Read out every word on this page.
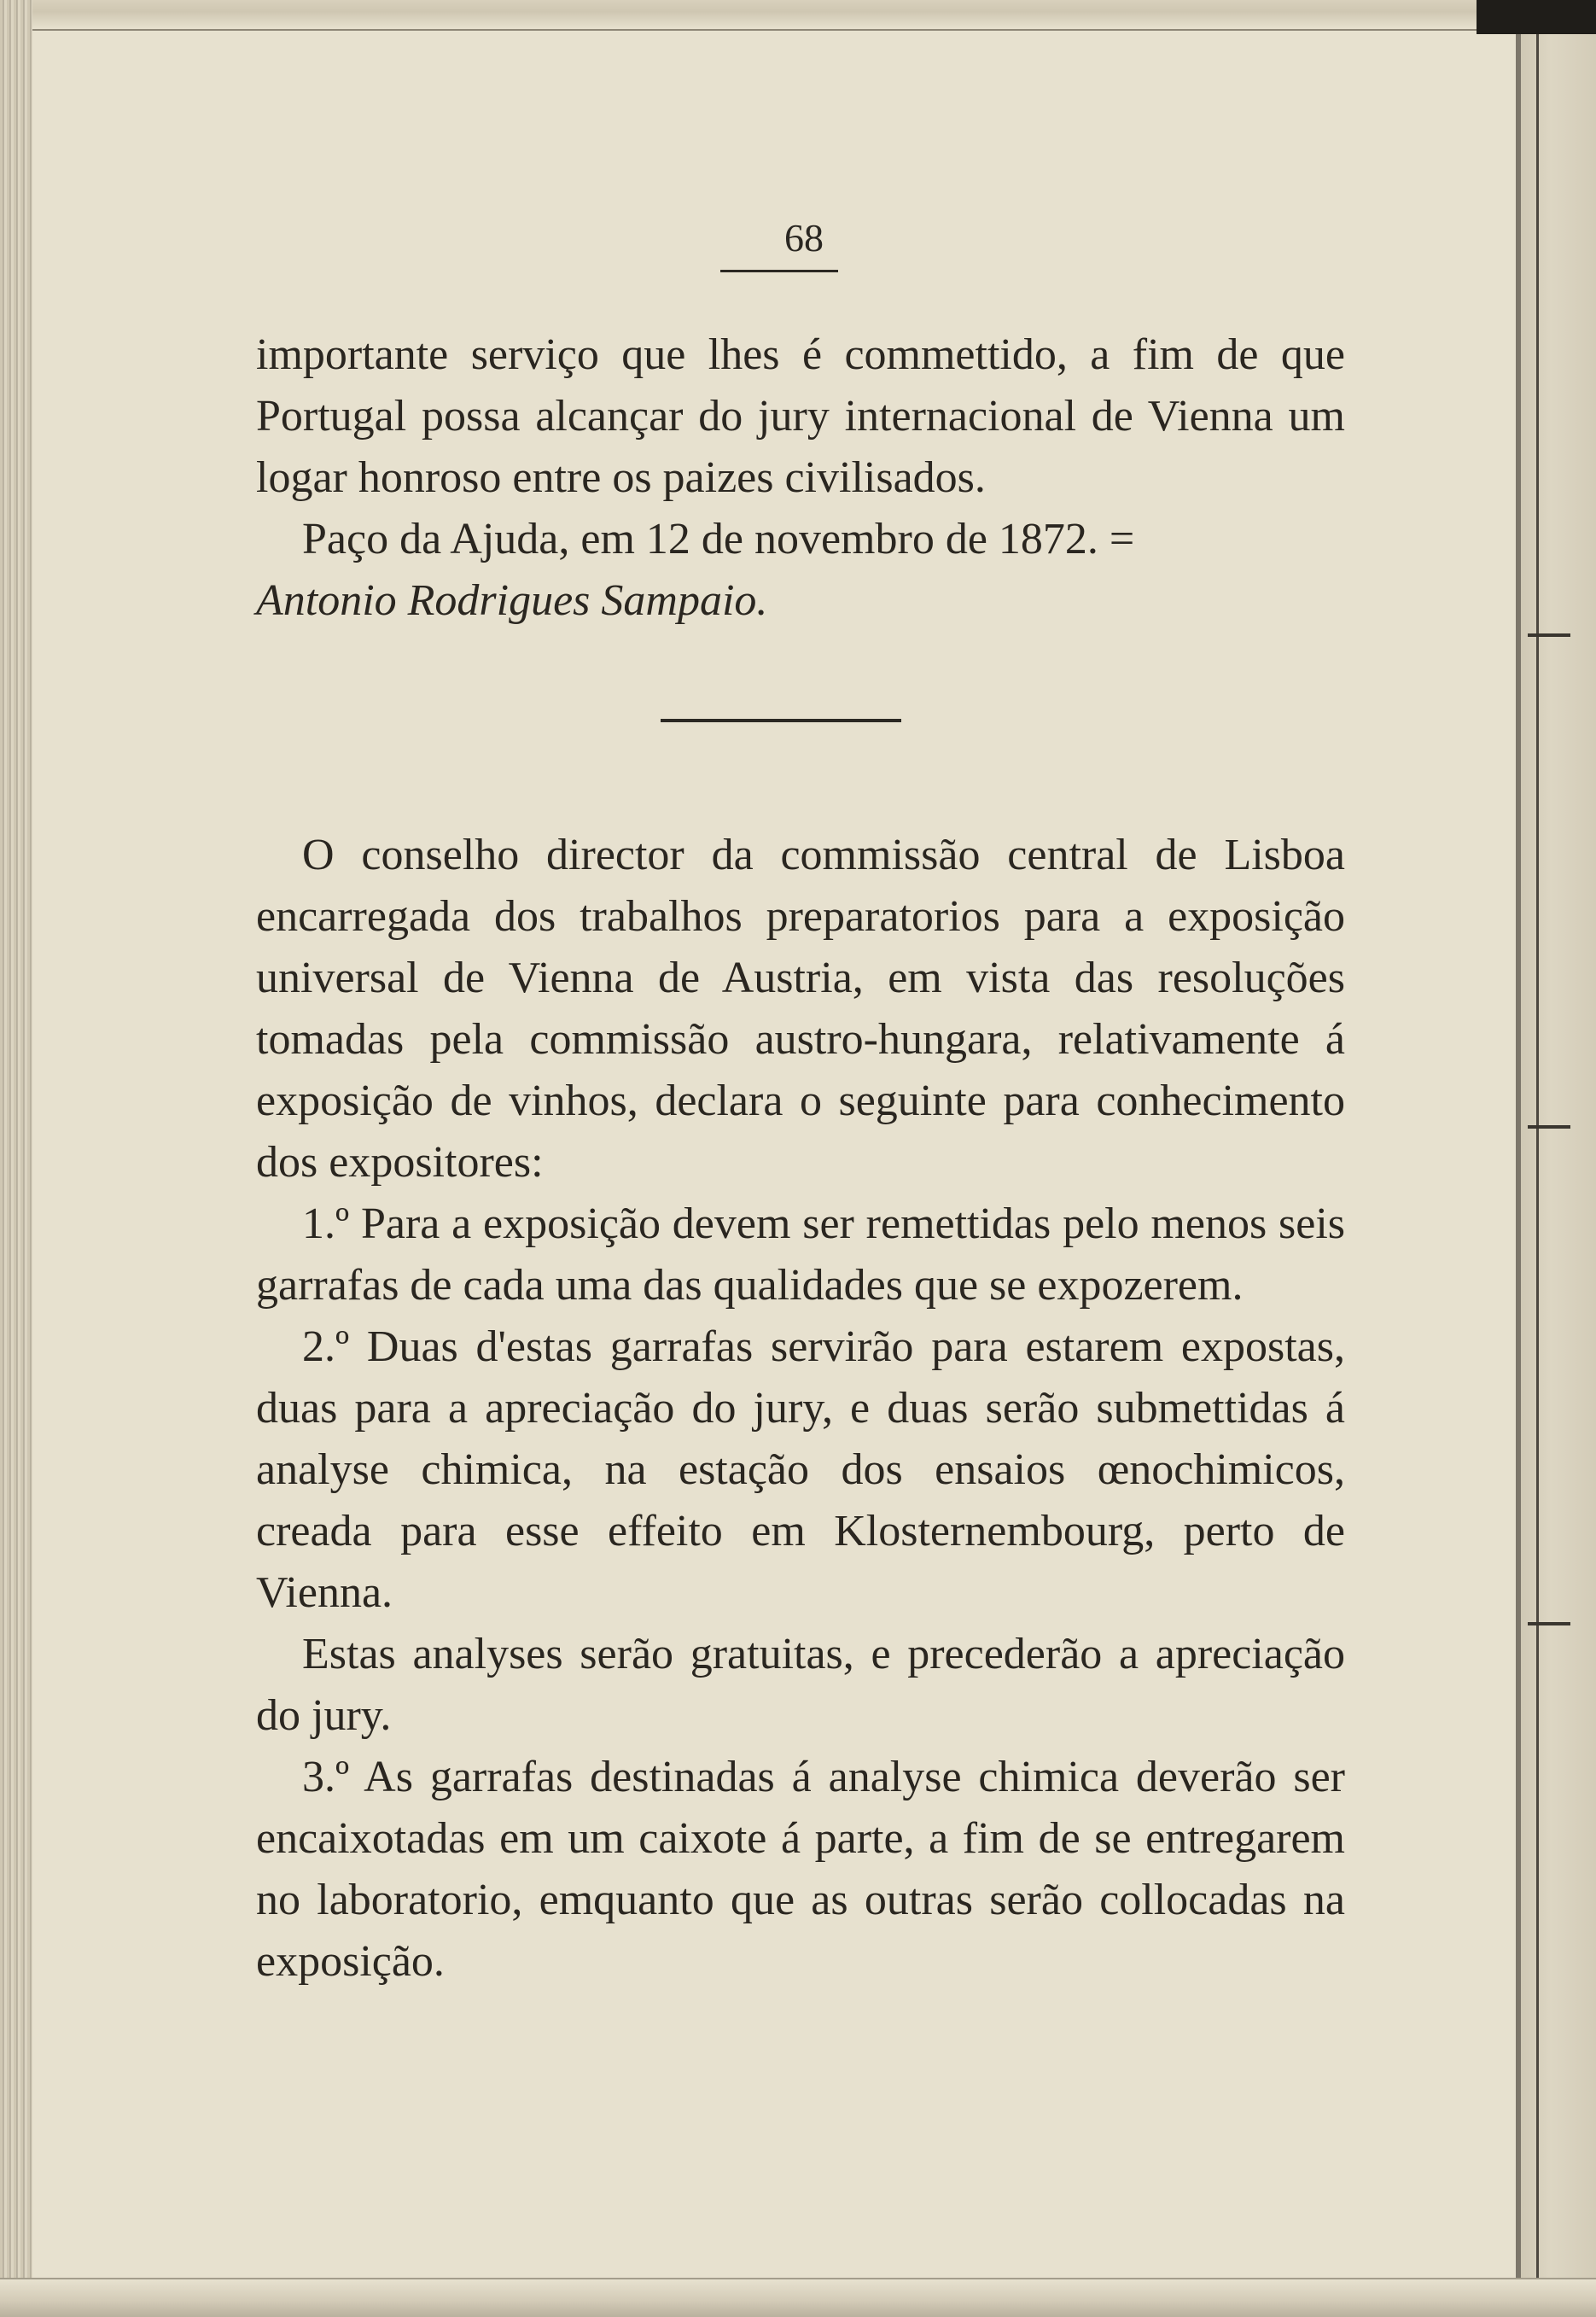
68

importante serviço que lhes é commettido, a fim de que Portugal possa alcançar do jury internacional de Vienna um logar honroso entre os paizes civilisados.

Paço da Ajuda, em 12 de novembro de 1872. =

Antonio Rodrigues Sampaio.

O conselho director da commissão central de Lisboa encarregada dos trabalhos preparatorios para a exposição universal de Vienna de Austria, em vista das resoluções tomadas pela commissão austro-hungara, relativamente á exposição de vinhos, declara o seguinte para conhecimento dos expositores:

1.º Para a exposição devem ser remettidas pelo menos seis garrafas de cada uma das qualidades que se expozerem.

2.º Duas d'estas garrafas servirão para estarem expostas, duas para a apreciação do jury, e duas serão submettidas á analyse chimica, na estação dos ensaios œnochimicos, creada para esse effeito em Klosternembourg, perto de Vienna.

Estas analyses serão gratuitas, e precederão a apreciação do jury.

3.º As garrafas destinadas á analyse chimica deverão ser encaixotadas em um caixote á parte, a fim de se entregarem no laboratorio, emquanto que as outras serão collocadas na exposição.
